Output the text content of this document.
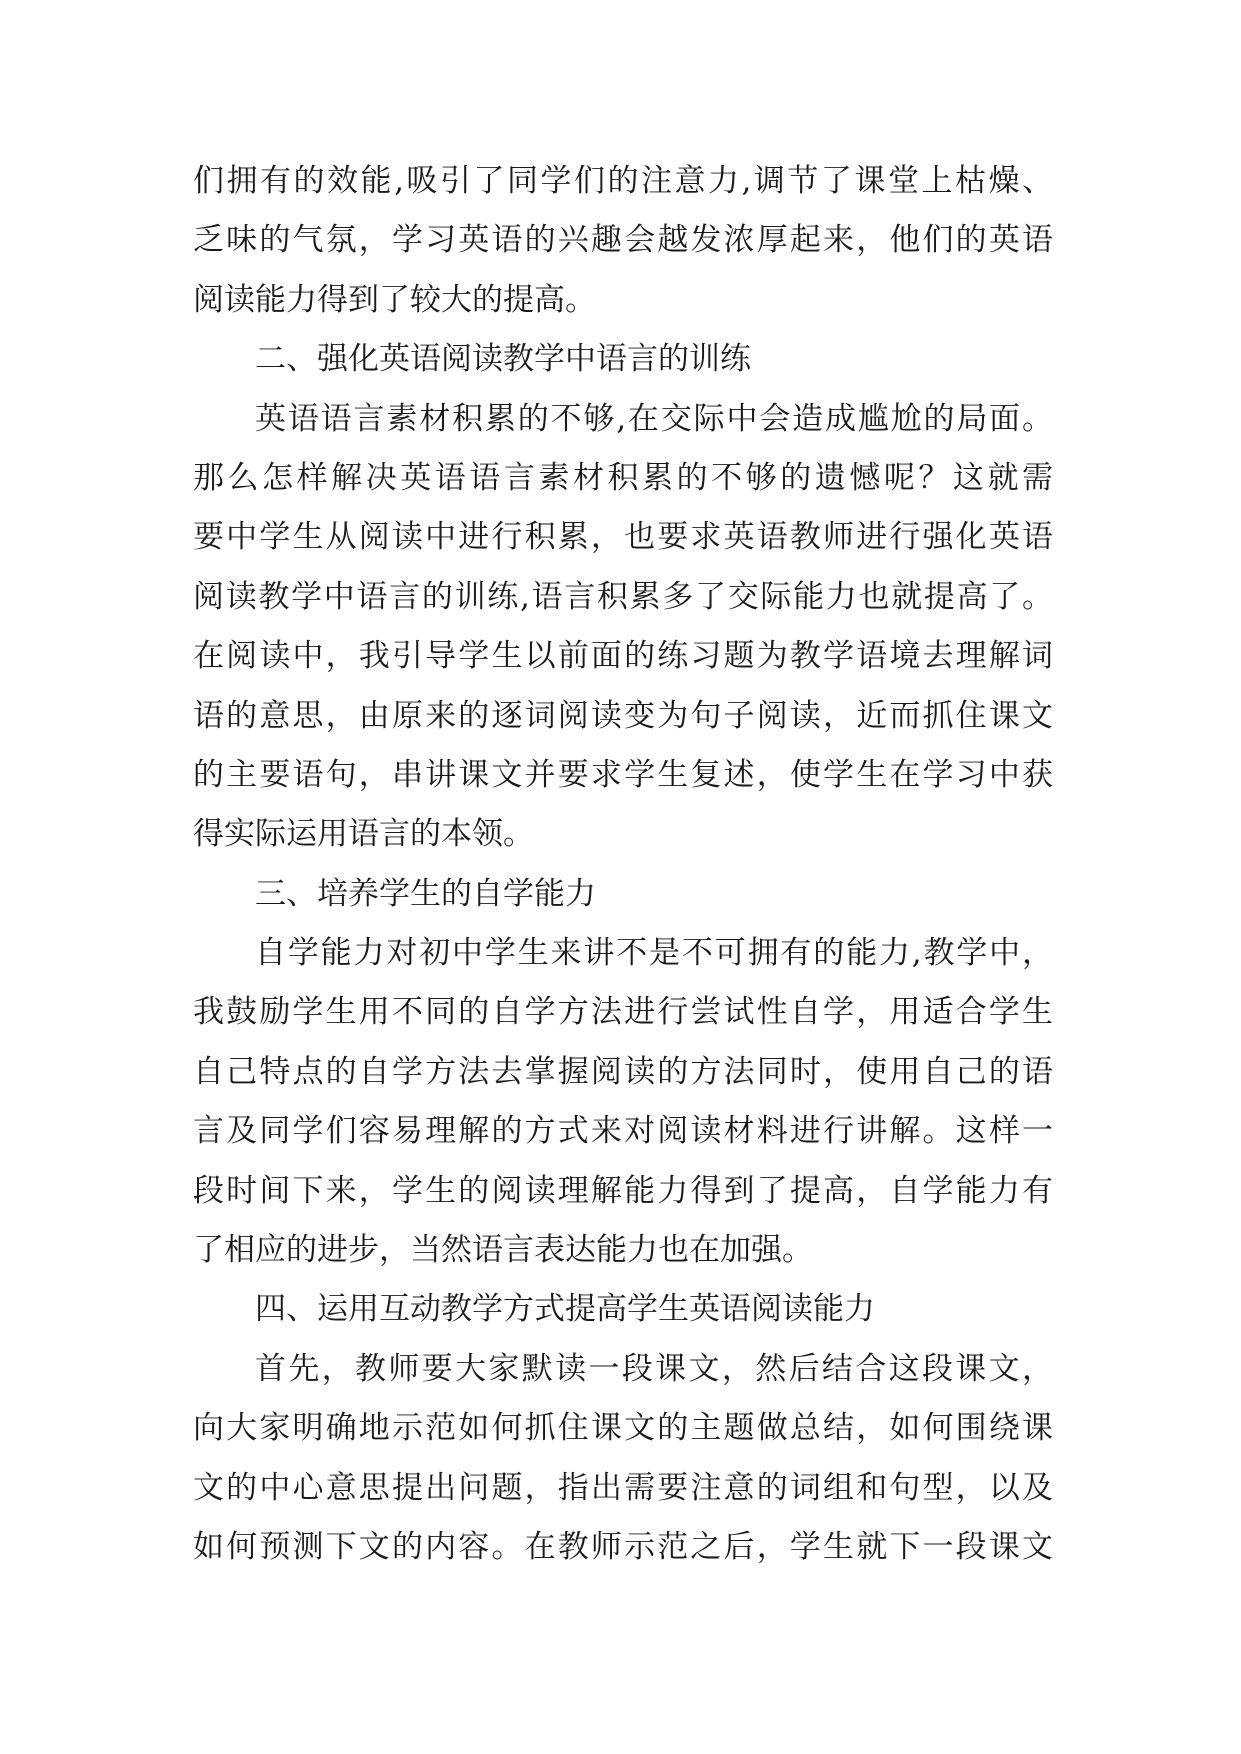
们拥有的效能,吸引了同学们的注意力,调节了课堂上枯燥、
乏味的气氛，学习英语的兴趣会越发浓厚起来，他们的英语
阅读能力得到了较大的提高。
二、强化英语阅读教学中语言的训练
英语语言素材积累的不够,在交际中会造成尴尬的局面。
那么怎样解决英语语言素材积累的不够的遗憾呢？这就需
要中学生从阅读中进行积累，也要求英语教师进行强化英语
阅读教学中语言的训练,语言积累多了交际能力也就提高了。
在阅读中，我引导学生以前面的练习题为教学语境去理解词
语的意思，由原来的逐词阅读变为句子阅读，近而抓住课文
的主要语句，串讲课文并要求学生复述，使学生在学习中获
得实际运用语言的本领。
三、培养学生的自学能力
自学能力对初中学生来讲不是不可拥有的能力,教学中，
我鼓励学生用不同的自学方法进行尝试性自学，用适合学生
自己特点的自学方法去掌握阅读的方法同时，使用自己的语
言及同学们容易理解的方式来对阅读材料进行讲解。这样一
段时间下来，学生的阅读理解能力得到了提高，自学能力有
了相应的进步，当然语言表达能力也在加强。
四、运用互动教学方式提高学生英语阅读能力
首先，教师要大家默读一段课文，然后结合这段课文，
向大家明确地示范如何抓住课文的主题做总结，如何围绕课
文的中心意思提出问题，指出需要注意的词组和句型，以及
如何预测下文的内容。在教师示范之后，学生就下一段课文
